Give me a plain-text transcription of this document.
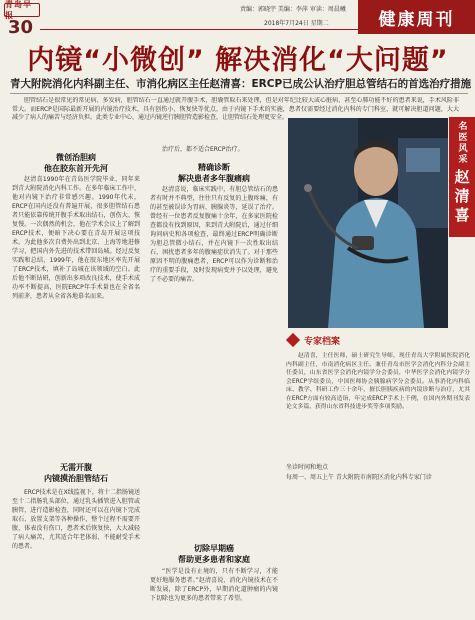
青岛早报
30
责编：郭晓宇 美编：李萍 审读：周晨曦
2018年7月24日 星期二	健康周刊
内镜“小微创” 解决消化“大问题”
青大附院消化内科副主任、市消化病区主任赵清喜：ERCP已成公认治疗胆总管结石的首选治疗措施
胆管结石是很常见的常见病、多发病，胆管结石一直通过就开腹手术，胆囊管取石来处理，但是对年纪比较大或心脏病、甚至心肺功能不好的患者来说，手术风险非常大。而ERCP是国际最新开展的内镜治疗技术，具有创伤小、恢复快等优点，由于内镜下手术的实施，患者仅需要经过消化内科的专门科室，就可解决胆道问题，大大减少了病人的痛苦与经济负担。此类专业中心，通过内镜逆行胰胆管造影检查，让胆管结石处理更安全。
微创治胆病
他在胶东首开先河
赵清喜1990年在青岛医学院毕业，同年来到青大附院消化内科工作。在多年临床工作中，他对内镜下治疗非常感兴趣。1990年代末，ERCP在国内还没有普遍开展，很多胆管结石患者只能依靠传统开腹手术取出结石，创伤大、恢复慢。一次偶然的机会，他在学术会议上了解到ERCP技术，便暗下决心要在青岛开展这项技术。为此他多次自费外出到北京、上海等地进修学习，把国内外先进的技术带回岛城。经过反复实践和总结，1999年，他在胶东地区率先开展了ERCP技术，填补了岛城在该领域的空白。此后他不断钻研，创新出多项改良技术，使手术成功率不断提高，医院ERCP年手术量也在全省名列前茅，患者从全省各地慕名而来。
无需开腹
内镜摸治胆管结石
ERCP技术是在X线监视下，将十二指肠镜送至十二指肠乳头部位，通过乳头插管进入胆管或胰管，进行造影检查，同时还可以在内镜下完成取石、放置支架等各种操作，整个过程不需要开腹，体表没有伤口，患者术后恢复快，大大减轻了病人痛苦，尤其适合年老体弱、不能耐受手术的患者。
治疗后，都不适合ERCP治疗。
精确诊断
解决患者多年腹痛病
赵清喜说，临床实践中，有胆总管结石的患者有时并不典型，往往只有反复的上腹疼痛，有的甚至被误诊为胃病、胰腺炎等，延误了治疗。曾经有一位患者反复腹痛十余年，在多家医院检查都没有找到原因，来到青大附院后，通过仔细询问病史和各项检查，最终通过ERCP明确诊断为胆总管微小结石，并在内镜下一次性取出结石，困扰患者多年的腹痛症状消失了。对于那些原因不明的腹痛患者，ERCP可以作为诊断和治疗的重要手段，及时发现病变并予以处理，避免了不必要的痛苦。
切除早期癌
帮助更多患者和家庭
“医学是没有止境的，只有不断学习，才能更好地服务患者。”赵清喜说，消化内镜技术在不断发展，除了ERCP外，早期消化道肿瘤的内镜下切除也为更多的患者带来了希望。
名医风采
赵清喜
专家档案
赵清喜，主任医师，硕士研究生导师，现任青岛大学附属医院消化内科副主任，市南消化病区主任。兼任青岛市医学会消化内科分会副主任委员，山东省医学会消化内镜学分会委员，中华医学会消化内镜学分会ERCP学组委员，中国医师协会胰腺病学分会委员。从事消化内科临床、教学、科研工作三十余年，擅长胆胰疾病的内镜诊断与治疗，尤其在ERCP方面有较高造诣，年完成ERCP手术上千例，在国内外期刊发表论文多篇，获得山东省科技进步奖等多项奖励。
坐诊时间和地点
每周一、周五上午 青大附院市南院区消化内科专家门诊
